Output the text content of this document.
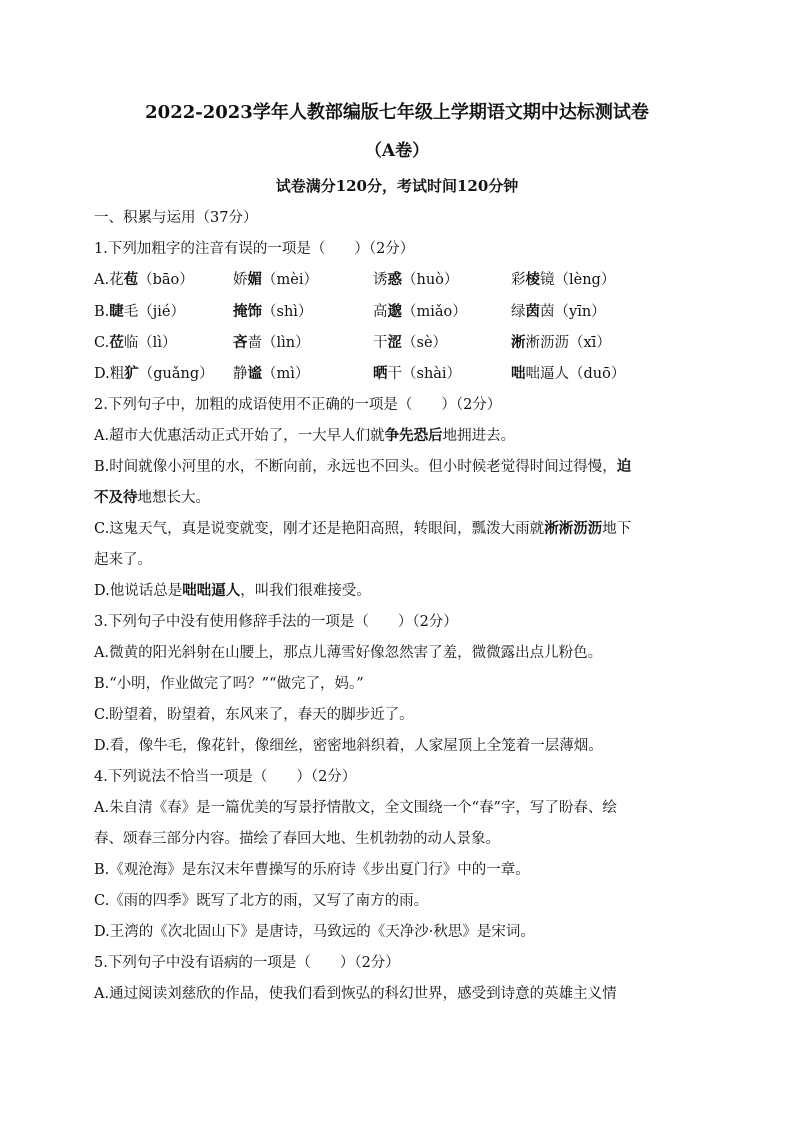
2022-2023学年人教部编版七年级上学期语文期中达标测试卷
（A卷）
试卷满分120分，考试时间120分钟
一、积累与运用（37分）
1.下列加粗字的注音有误的一项是（　　）（2分）
A.花苞（bāo）	娇媚（mèi）	诱惑（huò）	彩棱镜（lèng）
B.睫毛（jié）	掩饰（shì）	高邈（miǎo）	绿茵茵（yīn）
C.莅临（lì）	吝啬（lìn）	干涩（sè）	淅淅沥沥（xī）
D.粗犷（guǎng） 静谧（mì）	晒干（shài）	咄咄逼人（duō）
2.下列句子中，加粗的成语使用不正确的一项是（　　）（2分）
A.超市大优惠活动正式开始了，一大早人们就争先恐后地拥进去。
B.时间就像小河里的水，不断向前，永远也不回头。但小时候老觉得时间过得慢，迫
不及待地想长大。
C.这鬼天气，真是说变就变，刚才还是艳阳高照，转眼间，瓢泼大雨就淅淅沥沥地下
起来了。
D.他说话总是咄咄逼人，叫我们很难接受。
3.下列句子中没有使用修辞手法的一项是（　　）（2分）
A.微黄的阳光斜射在山腰上，那点儿薄雪好像忽然害了羞，微微露出点儿粉色。
B.“小明，作业做完了吗？”“做完了，妈。”
C.盼望着，盼望着，东风来了，春天的脚步近了。
D.看，像牛毛，像花针，像细丝，密密地斜织着，人家屋顶上全笼着一层薄烟。
4.下列说法不恰当一项是（　　）（2分）
A.朱自清《春》是一篇优美的写景抒情散文，全文围绕一个“春”字，写了盼春、绘
春、颂春三部分内容。描绘了春回大地、生机勃勃的动人景象。
B.《观沧海》是东汉末年曹操写的乐府诗《步出夏门行》中的一章。
C.《雨的四季》既写了北方的雨，又写了南方的雨。
D.王湾的《次北固山下》是唐诗，马致远的《天净沙·秋思》是宋词。
5.下列句子中没有语病的一项是（　　）（2分）
A.通过阅读刘慈欣的作品，使我们看到恢弘的科幻世界，感受到诗意的英雄主义情
